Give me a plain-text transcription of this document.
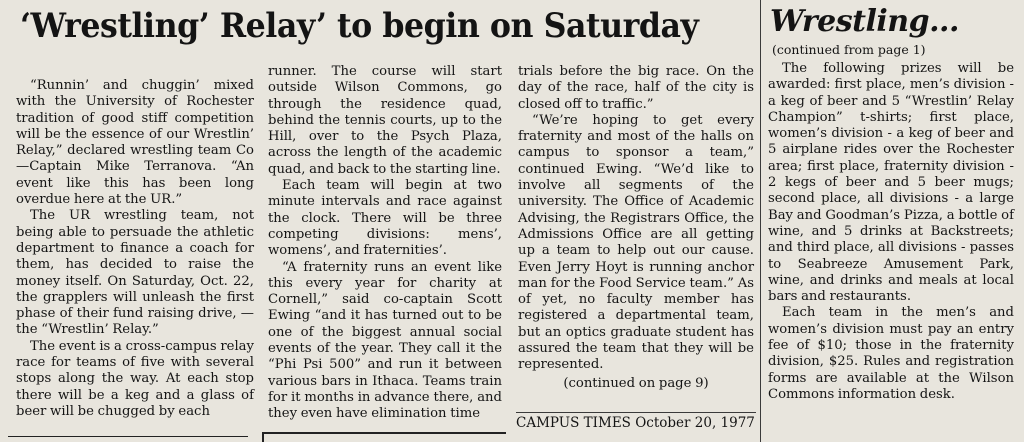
‘Wrestling’ Relay’ to begin on Saturday

“Runnin’ and chuggin’ mixed with the University of Rochester tradition of good stiff competition will be the essence of our Wrestlin’ Relay,” declared wrestling team Co—Captain Mike Terranova. “An event like this has been long overdue here at the UR.”

The UR wrestling team, not being able to persuade the athletic department to finance a coach for them, has decided to raise the money itself. On Saturday, Oct. 22, the grapplers will unleash the first phase of their fund raising drive, — the “Wrestlin’ Relay.”

The event is a cross-campus relay race for teams of five with several stops along the way. At each stop there will be a keg and a glass of beer will be chugged by each

runner. The course will start outside Wilson Commons, go through the residence quad, behind the tennis courts, up to the Hill, over to the Psych Plaza, across the length of the academic quad, and back to the starting line.

Each team will begin at two minute intervals and race against the clock. There will be three competing divisions: mens’, womens’, and fraternities’.

“A fraternity runs an event like this every year for charity at Cornell,” said co-captain Scott Ewing “and it has turned out to be one of the biggest annual social events of the year. They call it the “Phi Psi 500” and run it between various bars in Ithaca. Teams train for it months in advance there, and they even have elimination time

trials before the big race. On the day of the race, half of the city is closed off to traffic.”

“We’re hoping to get every fraternity and most of the halls on campus to sponsor a team,” continued Ewing. “We’d like to involve all segments of the university. The Office of Academic Advising, the Registrars Office, the Admissions Office are all getting up a team to help out our cause. Even Jerry Hoyt is running anchor man for the Food Service team.” As of yet, no faculty member has registered a departmental team, but an optics graduate student has assured the team that they will be represented.

(continued on page 9)

CAMPUS TIMES October 20, 1977
Wrestling...
(continued from page 1)

The following prizes will be awarded: first place, men’s division - a keg of beer and 5 “Wrestlin’ Relay Champion” t-shirts; first place, women’s division - a keg of beer and 5 airplane rides over the Rochester area; first place, fraternity division - 2 kegs of beer and 5 beer mugs; second place, all divisions - a large Bay and Goodman’s Pizza, a bottle of wine, and 5 drinks at Backstreets; and third place, all divisions - passes to Seabreeze Amusement Park, wine, and drinks and meals at local bars and restaurants.

Each team in the men’s and women’s division must pay an entry fee of $10; those in the fraternity division, $25. Rules and registration forms are available at the Wilson Commons information desk.
